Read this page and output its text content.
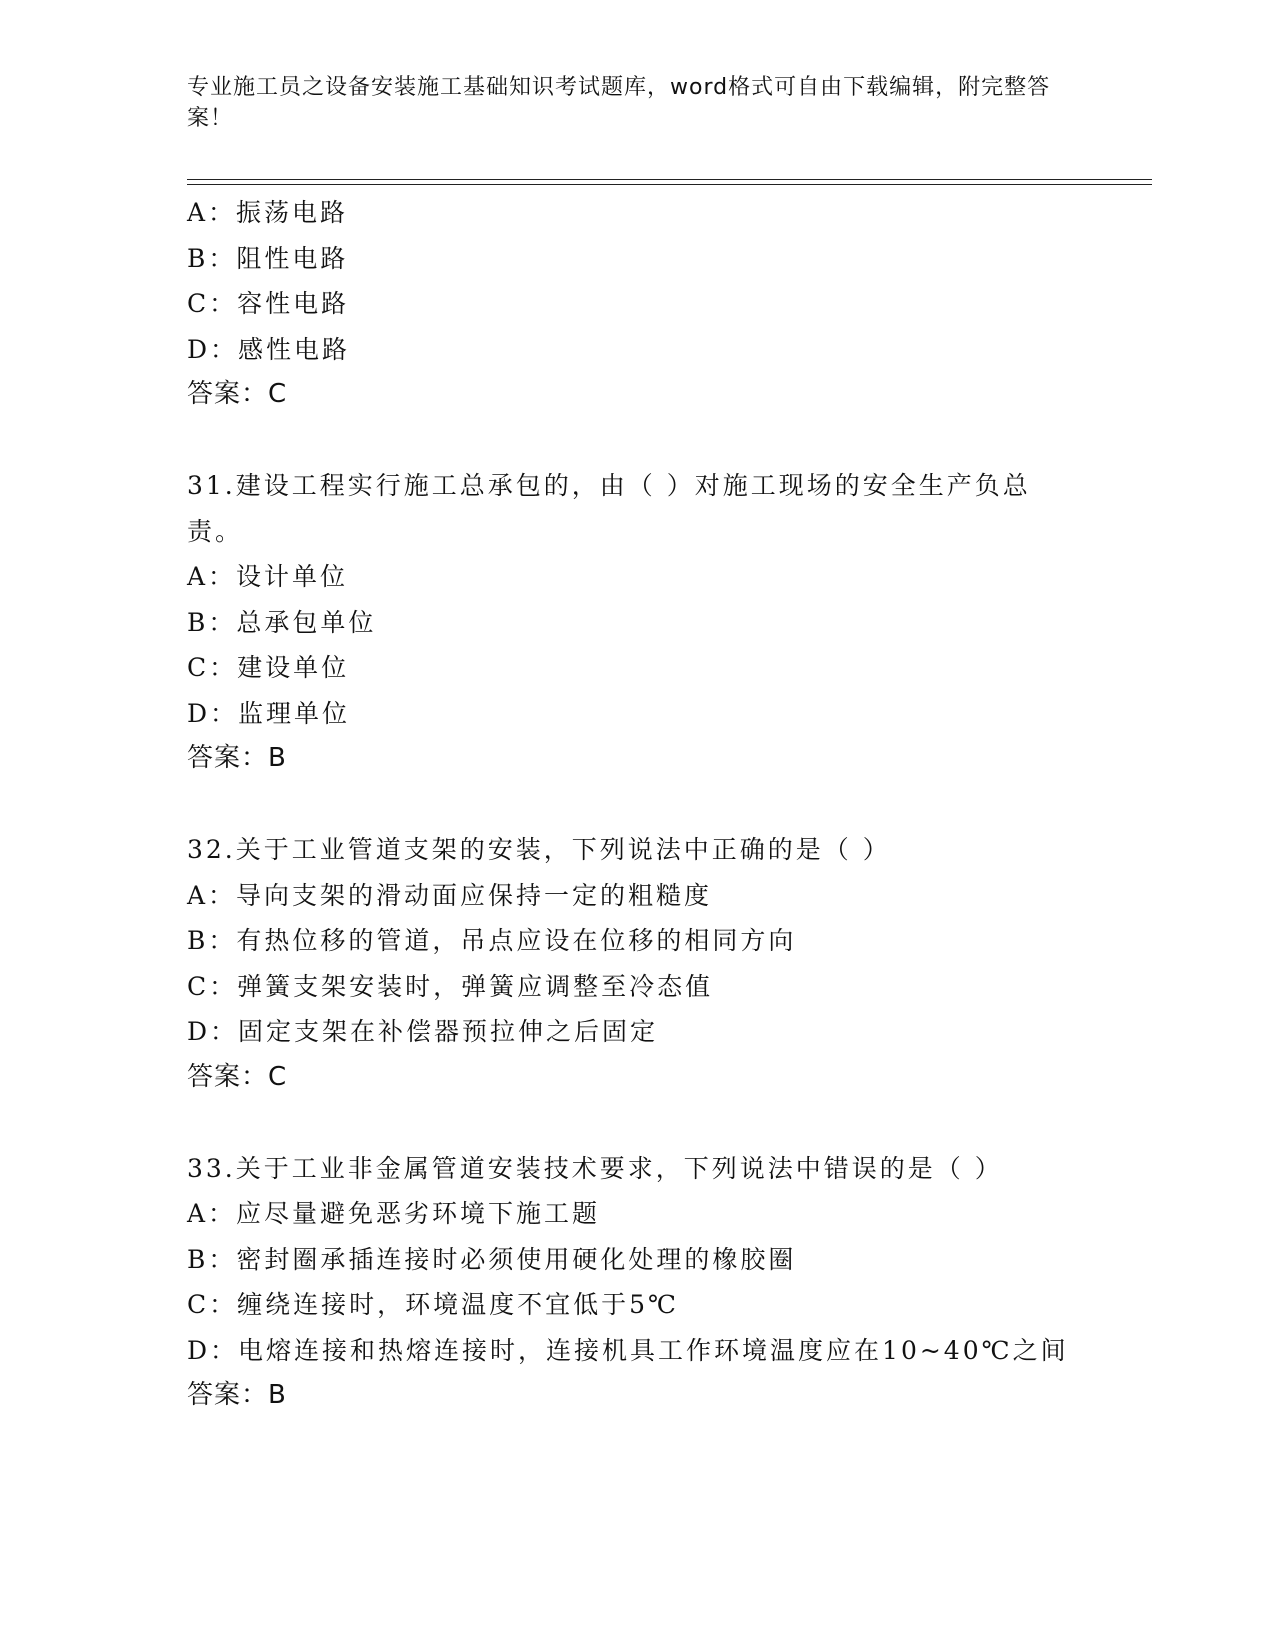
专业施工员之设备安装施工基础知识考试题库，word格式可自由下载编辑，附完整答案！
A：振荡电路
B：阻性电路
C：容性电路
D：感性电路
答案：C
31.建设工程实行施工总承包的，由（ ）对施工现场的安全生产负总
责。
A：设计单位
B：总承包单位
C：建设单位
D：监理单位
答案：B
32.关于工业管道支架的安装，下列说法中正确的是（ ）
A：导向支架的滑动面应保持一定的粗糙度
B：有热位移的管道，吊点应设在位移的相同方向
C：弹簧支架安装时，弹簧应调整至冷态值
D：固定支架在补偿器预拉伸之后固定
答案：C
33.关于工业非金属管道安装技术要求，下列说法中错误的是（ ）
A：应尽量避免恶劣环境下施工题
B：密封圈承插连接时必须使用硬化处理的橡胶圈
C：缠绕连接时，环境温度不宜低于5℃
D：电熔连接和热熔连接时，连接机具工作环境温度应在10~40℃之间
答案：B
